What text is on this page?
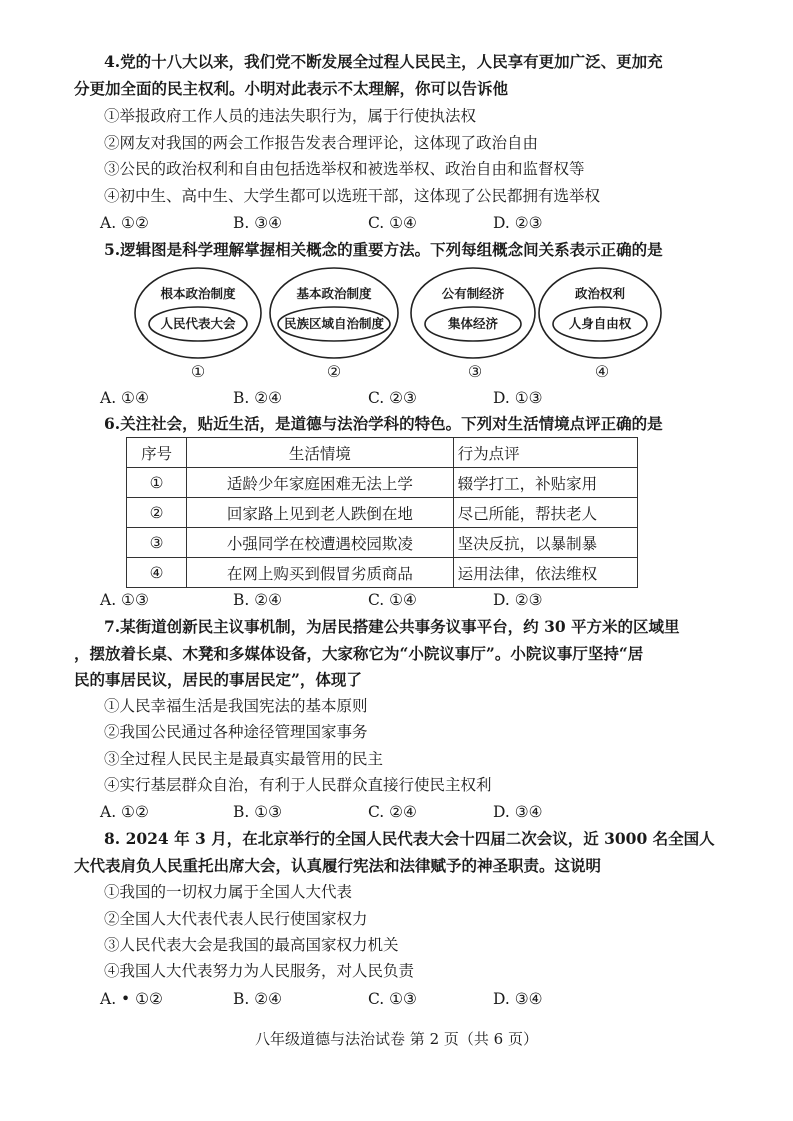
4.党的十八大以来，我们党不断发展全过程人民民主，人民享有更加广泛、更加充
分更加全面的民主权利。小明对此表示不太理解，你可以告诉他
①举报政府工作人员的违法失职行为，属于行使执法权
②网友对我国的两会工作报告发表合理评论，这体现了政治自由
③公民的政治权利和自由包括选举权和被选举权、政治自由和监督权等
④初中生、高中生、大学生都可以选班干部，这体现了公民都拥有选举权
A. ①②	B. ③④	C. ①④	D. ②③
5.逻辑图是科学理解掌握相关概念的重要方法。下列每组概念间关系表示正确的是
根本政治制度
人民代表大会
①
基本政治制度
民族区域自治制度
②
公有制经济
集体经济
③
政治权利
人身自由权
④
A. ①④	B. ②④	C. ②③	D. ①③
6.关注社会，贴近生活，是道德与法治学科的特色。下列对生活情境点评正确的是
序号	生活情境	行为点评
①	适龄少年家庭困难无法上学	辍学打工，补贴家用
②	回家路上见到老人跌倒在地	尽己所能，帮扶老人
③	小强同学在校遭遇校园欺凌	坚决反抗，以暴制暴
④	在网上购买到假冒劣质商品	运用法律，依法维权
A. ①③	B. ②④	C. ①④	D. ②③
7.某街道创新民主议事机制，为居民搭建公共事务议事平台，约 30 平方米的区域里
，摆放着长桌、木凳和多媒体设备，大家称它为“小院议事厅”。小院议事厅坚持“居
民的事居民议，居民的事居民定”，体现了
①人民幸福生活是我国宪法的基本原则
②我国公民通过各种途径管理国家事务
③全过程人民民主是最真实最管用的民主
④实行基层群众自治，有利于人民群众直接行使民主权利
A. ①②	B. ①③	C. ②④	D. ③④
8. 2024 年 3 月，在北京举行的全国人民代表大会十四届二次会议，近 3000 名全国人
大代表肩负人民重托出席大会，认真履行宪法和法律赋予的神圣职责。这说明
①我国的一切权力属于全国人大代表
②全国人大代表代表人民行使国家权力
③人民代表大会是我国的最高国家权力机关
④我国人大代表努力为人民服务，对人民负责
A. • ①②	B. ②④	C. ①③	D. ③④
八年级道德与法治试卷 第 2 页（共 6 页）
